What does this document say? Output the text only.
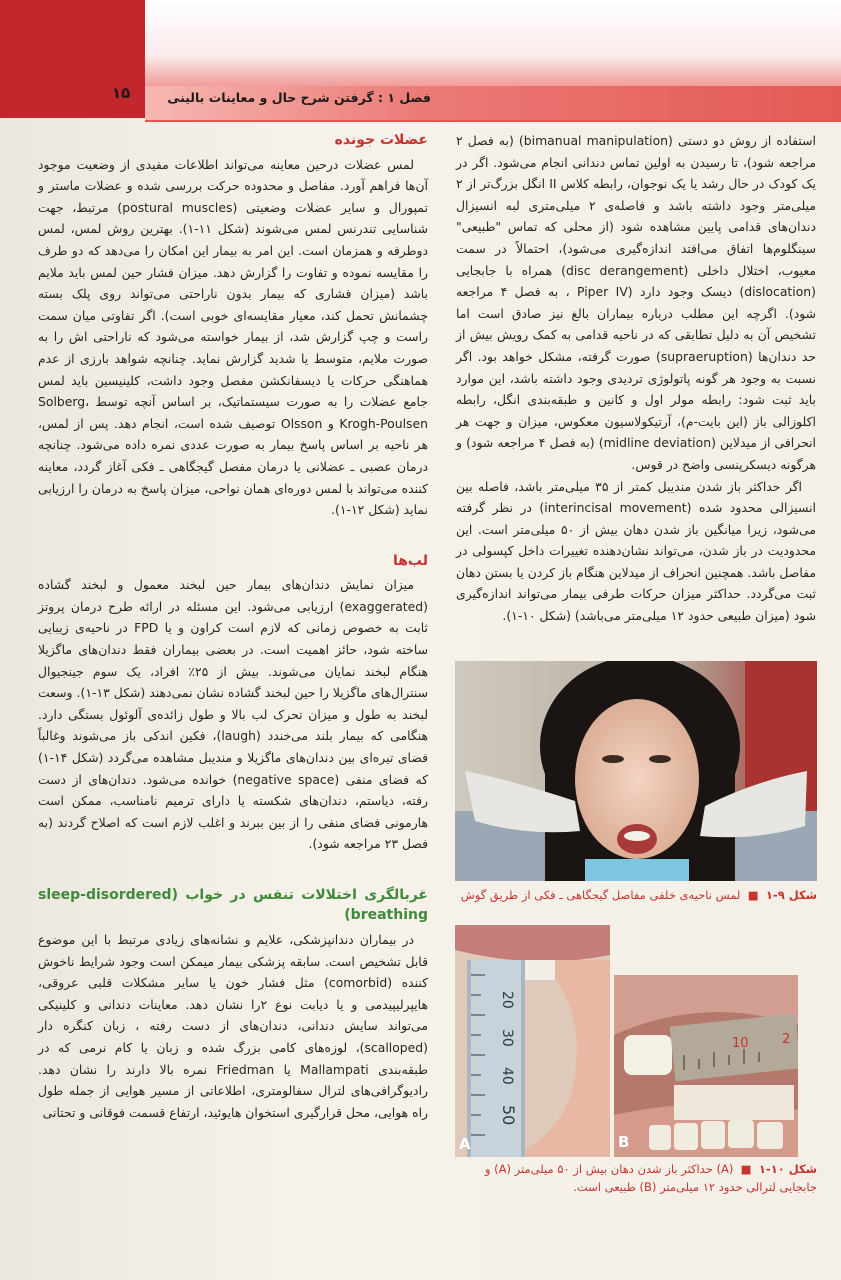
۱۵	فصل ۱ : گرفتن شرح حال و معاینات بالینی

استفاده از روش دو دستی (bimanual manipulation) (به فصل ۲ مراجعه شود)، تا رسیدن به اولین تماس دندانی انجام می‌شود. اگر در یک کودک در حال رشد یا یک نوجوان، رابطه کلاس II انگل بزرگ‌تر از ۲ میلی‌متر وجود داشته باشد و فاصله‌ی ۲ میلی‌متری لبه انسیزال دندان‌های قدامی پایین مشاهده شود (از محلی که تماس "طبیعی" سینگلوم‌ها اتفاق می‌افتد اندازه‌گیری می‌شود)، احتمالاً در سمت معیوب، اختلال داخلی (disc derangement) همراه با جابجایی (dislocation) دیسک وجود دارد (Piper IV ، به فصل ۴ مراجعه شود). اگرچه این مطلب درباره بیماران بالغ نیز صادق است اما تشخیص آن به دلیل تطابقی که در ناحیه قدامی به کمک رویش بیش از حد دندان‌ها (supraeruption) صورت گرفته، مشکل خواهد بود. اگر نسبت به وجود هر گونه پاتولوژی تردیدی وجود داشته باشد، این موارد باید ثبت شود: رابطه مولر اول و کانین و طبقه‌بندی انگل، رابطه اکلوزالی باز (این بایت-م)، آرتیکولاسیون معکوس، میزان و جهت هر انحرافی از میدلاین (midline deviation) (به فصل ۴ مراجعه شود) و هرگونه دیسکرپنسی واضح در قوس.

اگر حداکثر باز شدن مندیبل کمتر از ۳۵ میلی‌متر باشد، فاصله بین انسیزالی محدود شده (interincisal movement) در نظر گرفته می‌شود، زیرا میانگین باز شدن دهان بیش از ۵۰ میلی‌متر است. این محدودیت در باز شدن، می‌تواند نشان‌دهنده تغییرات داخل کپسولی در مفاصل باشد. همچنین انحراف از میدلاین هنگام باز کردن یا بستن دهان ثبت می‌گردد. حداکثر میزان حرکات طرفی بیمار می‌تواند اندازه‌گیری شود (میزان طبیعی حدود ۱۲ میلی‌متر می‌باشد) (شکل ۱۰-۱).

عضلات جونده

لمس عضلات درحین معاینه می‌تواند اطلاعات مفیدی از وضعیت موجود آن‌ها فراهم آورد. مفاصل و محدوده حرکت بررسی شده و عضلات ماستر و تمپورال و سایر عضلات وضعیتی (postural muscles) مرتبط، جهت شناسایی تندرنس لمس می‌شوند (شکل ۱۱-۱). بهترین روش لمس، لمس دوطرفه و همزمان است. این امر به بیمار این امکان را می‌دهد که دو طرف را مقایسه نموده و تفاوت را گزارش دهد. میزان فشار حین لمس باید ملایم باشد (میزان فشاری که بیمار بدون ناراحتی می‌تواند روی پلک بسته چشمانش تحمل کند، معیار مقایسه‌ای خوبی است). اگر تفاوتی میان سمت راست و چپ گزارش شد، از بیمار خواسته می‌شود که ناراحتی اش را به صورت ملایم، متوسط یا شدید گزارش نماید. چنانچه شواهد بارزی از عدم هماهنگی حرکات یا دیسفانکشن مفصل وجود داشت، کلینیسین باید لمس جامع عضلات را به صورت سیستماتیک، بر اساس آنچه توسط Solberg، Krogh-Poulsen و Olsson توصیف شده است، انجام دهد. پس از لمس، هر ناحیه بر اساس پاسخ بیمار به صورت عددی نمره داده می‌شود. چنانچه درمان عصبی ـ عضلانی یا درمان مفصل گیجگاهی ـ فکی آغاز گردد، معاینه کننده می‌تواند با لمس دوره‌ای همان نواحی، میزان پاسخ به درمان را ارزیابی نماید (شکل ۱۲-۱).

لب‌ها

میزان نمایش دندان‌های بیمار حین لبخند معمول و لبخند گشاده (exaggerated) ارزیابی می‌شود. این مسئله در ارائه طرح درمان پروتز ثابت به خصوص زمانی که لازم است کراون و یا FPD در ناحیه‌ی زیبایی ساخته شود، حائز اهمیت است. در بعضی بیماران فقط دندان‌های ماگزیلا هنگام لبخند نمایان می‌شوند. بیش از ۲۵٪ افراد، یک سوم جینجیوال سنترال‌های ماگزیلا را حین لبخند گشاده نشان نمی‌دهند (شکل ۱۳-۱). وسعت لبخند به طول و میزان تحرک لب بالا و طول زائده‌ی آلوئول بستگی دارد. هنگامی که بیمار بلند می‌خندد (laugh)، فکین اندکی باز می‌شوند وغالباً فضای تیره‌ای بین دندان‌های ماگزیلا و مندیبل مشاهده می‌گردد (شکل ۱۴-۱) که فضای منفی (negative space) خوانده می‌شود. دندان‌های از دست رفته، دیاستم، دندان‌های شکسته یا دارای ترمیم نامناسب، ممکن است هارمونی فضای منفی را از بین ببرند و اغلب لازم است که اصلاح گردند (به فصل ۲۳ مراجعه شود).

غربالگری اختلالات تنفس در خواب (sleep-disordered breathing)

در بیماران دندانپزشکی، علایم و نشانه‌های زیادی مرتبط با این موضوع قابل تشخیص است. سابقه پزشکی بیمار میمکن است وجود شرایط ناخوش کننده (comorbid) مثل فشار خون یا سایر مشکلات قلبی عروقی، هایپرلیپیدمی و یا دیابت نوع ۲را نشان دهد. معاینات دندانی و کلینیکی می‌تواند سایش دندانی، دندان‌های از دست رفته ، زبان کنگره دار (scalloped)، لوزه‌های کامی بزرگ شده و زبان یا کام نرمی که در طبقه‌بندی Mallampati یا Friedman نمره بالا دارند را نشان دهد. رادیوگرافی‌های لترال سفالومتری، اطلاعاتی از مسیر هوایی از جمله طول راه هوایی، محل قرارگیری استخوان هایوئید، ارتفاع قسمت فوقانی و تحتانی

شکل ۹-۱  ■  لمس ناحیه‌ی خلفی مفاصل گیجگاهی ـ فکی از طریق گوش
20
30
40
50
A
10	2
B
شکل ۱۰-۱  ■  (A) حداکثر باز شدن دهان بیش از ۵۰ میلی‌متر (A) و جابجایی لترالی حدود ۱۲ میلی‌متر (B) طبیعی است.
